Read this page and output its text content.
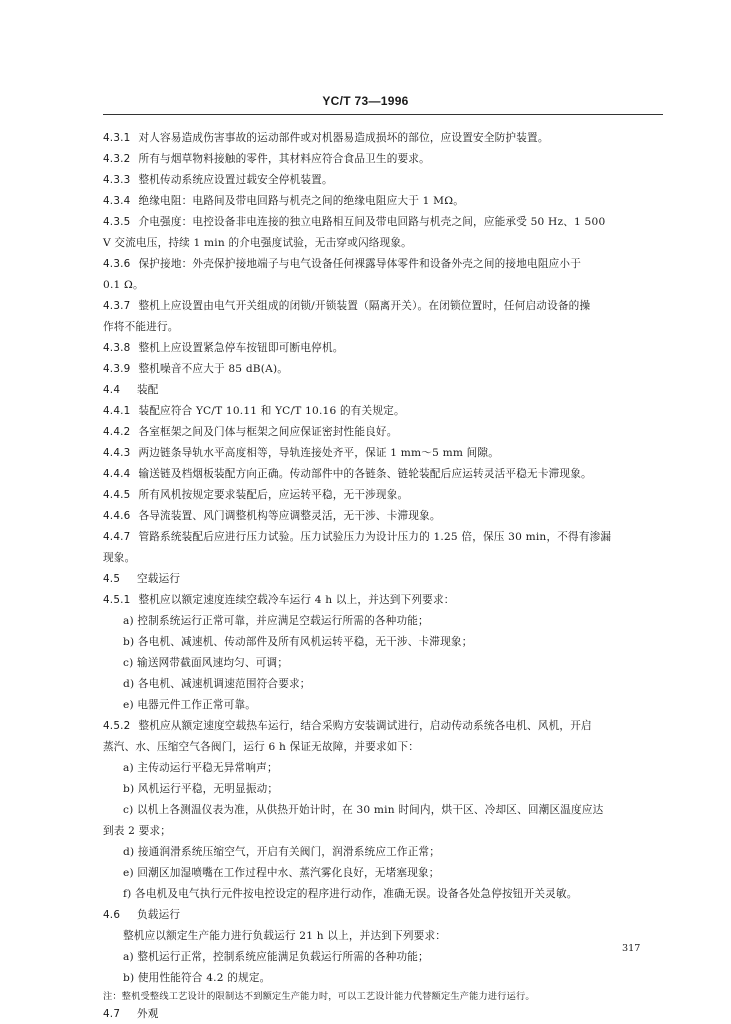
YC/T 73—1996
4.3.1 对人容易造成伤害事故的运动部件或对机器易造成损坏的部位，应设置安全防护装置。
4.3.2 所有与烟草物料接触的零件，其材料应符合食品卫生的要求。
4.3.3 整机传动系统应设置过载安全停机装置。
4.3.4 绝缘电阻：电路间及带电回路与机壳之间的绝缘电阻应大于 1 MΩ。
4.3.5 介电强度：电控设备非电连接的独立电路相互间及带电回路与机壳之间，应能承受 50 Hz、1 500
V 交流电压，持续 1 min 的介电强度试验，无击穿或闪络现象。
4.3.6 保护接地：外壳保护接地端子与电气设备任何裸露导体零件和设备外壳之间的接地电阻应小于
0.1 Ω。
4.3.7 整机上应设置由电气开关组成的闭锁/开锁装置（隔离开关）。在闭锁位置时，任何启动设备的操
作将不能进行。
4.3.8 整机上应设置紧急停车按钮即可断电停机。
4.3.9 整机噪音不应大于 85 dB(A)。
4.4 装配
4.4.1 装配应符合 YC/T 10.11 和 YC/T 10.16 的有关规定。
4.4.2 各室框架之间及门体与框架之间应保证密封性能良好。
4.4.3 两边链条导轨水平高度相等，导轨连接处齐平，保证 1 mm～5 mm 间隙。
4.4.4 输送链及档烟板装配方向正确。传动部件中的各链条、链轮装配后应运转灵活平稳无卡滞现象。
4.4.5 所有风机按规定要求装配后，应运转平稳，无干涉现象。
4.4.6 各导流装置、风门调整机构等应调整灵活，无干涉、卡滞现象。
4.4.7 管路系统装配后应进行压力试验。压力试验压力为设计压力的 1.25 倍，保压 30 min，不得有渗漏
现象。
4.5 空载运行
4.5.1 整机应以额定速度连续空载冷车运行 4 h 以上，并达到下列要求：
a) 控制系统运行正常可靠，并应满足空载运行所需的各种功能；
b) 各电机、减速机、传动部件及所有风机运转平稳，无干涉、卡滞现象；
c) 输送网带截面风速均匀、可调；
d) 各电机、减速机调速范围符合要求；
e) 电器元件工作正常可靠。
4.5.2 整机应从额定速度空载热车运行，结合采购方安装调试进行，启动传动系统各电机、风机，开启
蒸汽、水、压缩空气各阀门，运行 6 h 保证无故障，并要求如下：
a) 主传动运行平稳无异常响声；
b) 风机运行平稳，无明显振动；
c) 以机上各测温仪表为准，从供热开始计时，在 30 min 时间内，烘干区、冷却区、回潮区温度应达
到表 2 要求；
d) 接通润滑系统压缩空气，开启有关阀门，润滑系统应工作正常；
e) 回潮区加湿喷嘴在工作过程中水、蒸汽雾化良好，无堵塞现象；
f) 各电机及电气执行元件按电控设定的程序进行动作，准确无误。设备各处急停按钮开关灵敏。
4.6 负载运行
整机应以额定生产能力进行负载运行 21 h 以上，并达到下列要求：
a) 整机运行正常，控制系统应能满足负载运行所需的各种功能；
b) 使用性能符合 4.2 的规定。
注：整机受整线工艺设计的限制达不到额定生产能力时，可以工艺设计能力代替额定生产能力进行运行。
4.7 外观
317
